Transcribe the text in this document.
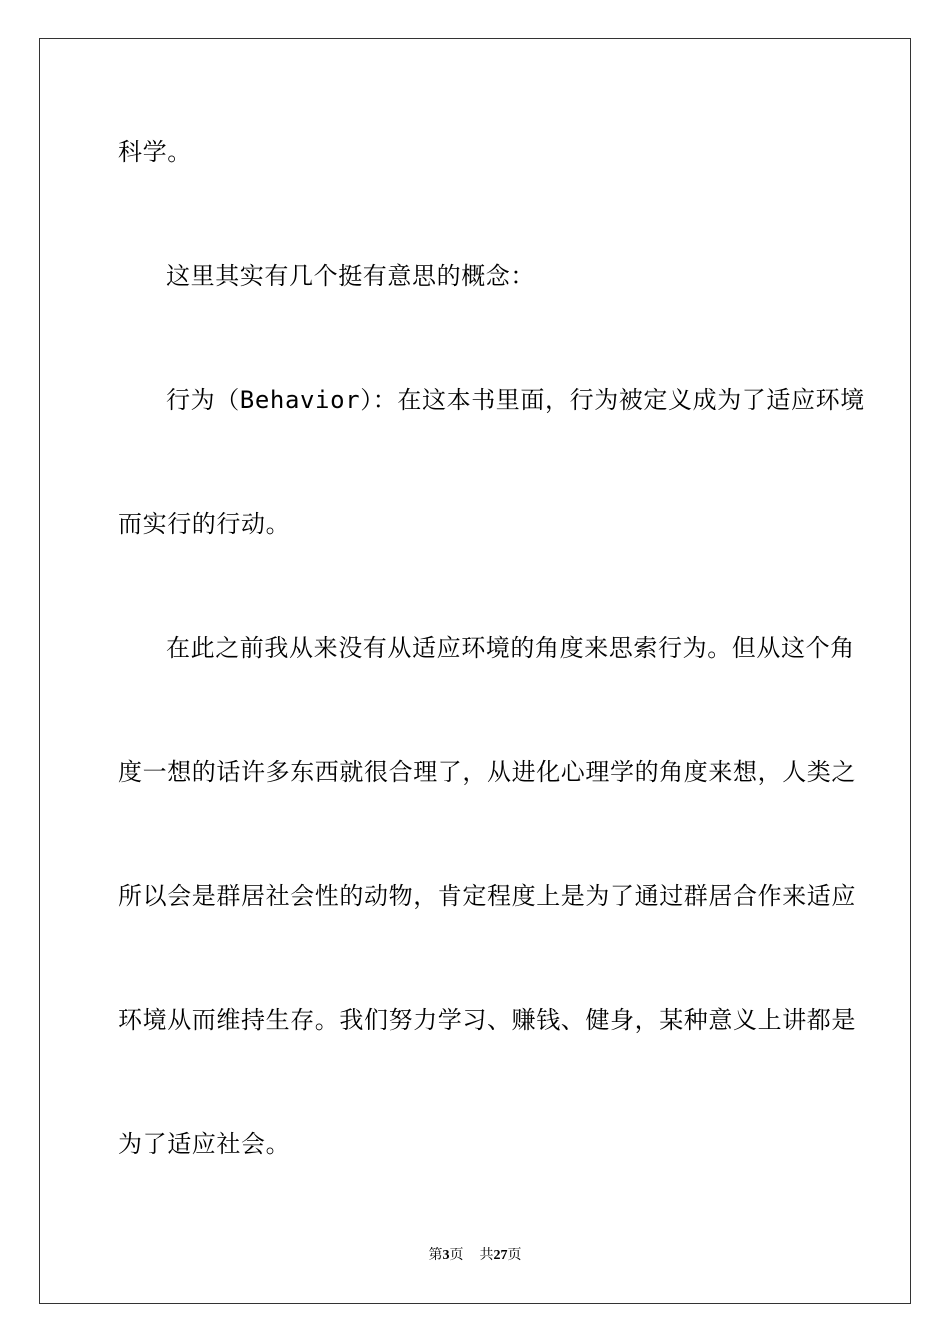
科学。

这里其实有几个挺有意思的概念：

行为（Behavior）：在这本书里面，行为被定义成为了适应环境

而实行的行动。

在此之前我从来没有从适应环境的角度来思索行为。但从这个角

度一想的话许多东西就很合理了，从进化心理学的角度来想，人类之

所以会是群居社会性的动物，肯定程度上是为了通过群居合作来适应

环境从而维持生存。我们努力学习、赚钱、健身，某种意义上讲都是

为了适应社会。

第3页 共27页
